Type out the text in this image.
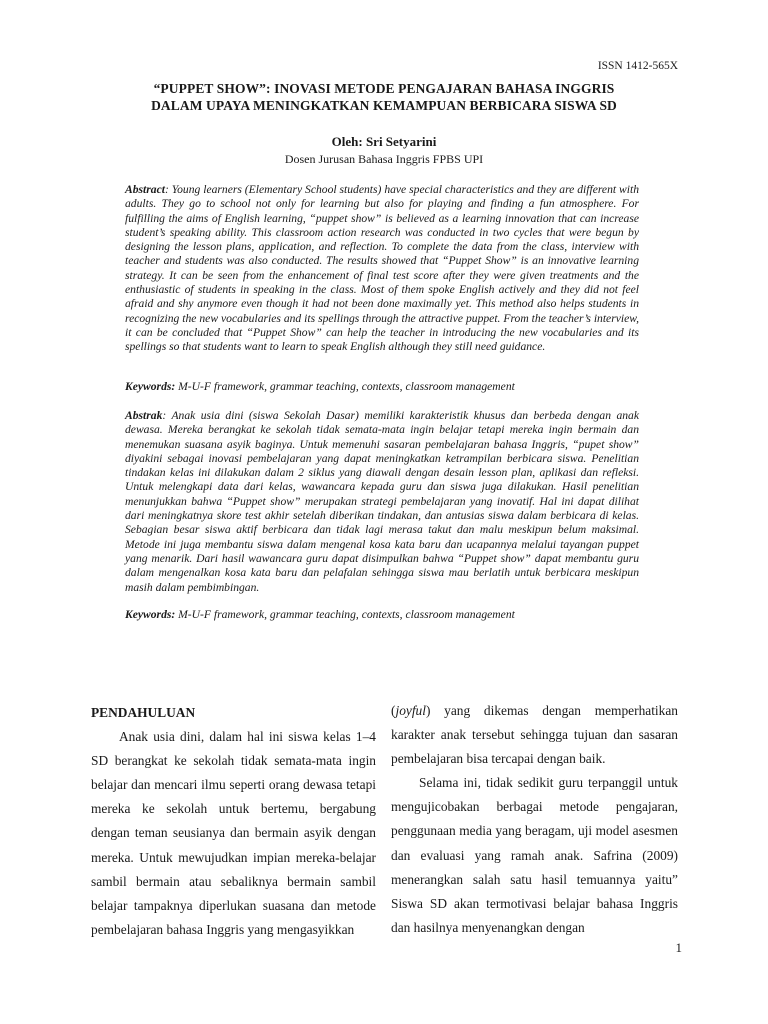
ISSN 1412-565X
“PUPPET SHOW”: INOVASI METODE PENGAJARAN BAHASA INGGRIS
DALAM UPAYA MENINGKATKAN KEMAMPUAN BERBICARA SISWA SD
Oleh: Sri Setyarini
Dosen Jurusan Bahasa Inggris FPBS UPI
Abstract: Young learners (Elementary School students) have special characteristics and they are different with adults. They go to school not only for learning but also for playing and finding a fun atmosphere. For fulfilling the aims of English learning, “puppet show” is believed as a learning innovation that can increase student’s speaking ability. This classroom action research was conducted in two cycles that were begun by designing the lesson plans, application, and reflection. To complete the data from the class, interview with teacher and students was also conducted. The results showed that “Puppet Show” is an innovative learning strategy. It can be seen from the enhancement of final test score after they were given treatments and the enthusiastic of students in speaking in the class. Most of them spoke English actively and they did not feel afraid and shy anymore even though it had not been done maximally yet. This method also helps students in recognizing the new vocabularies and its spellings through the attractive puppet. From the teacher’s interview, it can be concluded that “Puppet Show” can help the teacher in introducing the new vocabularies and its spellings so that students want to learn to speak English although they still need guidance.
Keywords: M-U-F framework, grammar teaching, contexts, classroom management
Abstrak: Anak usia dini (siswa Sekolah Dasar) memiliki karakteristik khusus dan berbeda dengan anak dewasa. Mereka berangkat ke sekolah tidak semata-mata ingin belajar tetapi mereka ingin bermain dan menemukan suasana asyik baginya. Untuk memenuhi sasaran pembelajaran bahasa Inggris, “pupet show” diyakini sebagai inovasi pembelajaran yang dapat meningkatkan ketrampilan berbicara siswa. Penelitian tindakan kelas ini dilakukan dalam 2 siklus yang diawali dengan desain lesson plan, aplikasi dan refleksi. Untuk melengkapi data dari kelas, wawancara kepada guru dan siswa juga dilakukan. Hasil penelitian menunjukkan bahwa “Puppet show” merupakan strategi pembelajaran yang inovatif. Hal ini dapat dilihat dari meningkatnya skore test akhir setelah diberikan tindakan, dan antusias siswa dalam berbicara di kelas. Sebagian besar siswa aktif berbicara dan tidak lagi merasa takut dan malu meskipun belum maksimal. Metode ini juga membantu siswa dalam mengenal kosa kata baru dan ucapannya melalui tayangan puppet yang menarik. Dari hasil wawancara guru dapat disimpulkan bahwa “Puppet show” dapat membantu guru dalam mengenalkan kosa kata baru dan pelafalan sehingga siswa mau berlatih untuk berbicara meskipun masih dalam pembimbingan.
Keywords: M-U-F framework, grammar teaching, contexts, classroom management
PENDAHULUAN

Anak usia dini, dalam hal ini siswa kelas 1–4 SD berangkat ke sekolah tidak semata-mata ingin belajar dan mencari ilmu seperti orang dewasa tetapi mereka ke sekolah untuk bertemu, bergabung dengan teman seusianya dan bermain asyik dengan mereka. Untuk mewujudkan impian mereka-belajar sambil bermain atau sebaliknya bermain sambil belajar tampaknya diperlukan suasana dan metode pembelajaran bahasa Inggris yang mengasyikkan

(joyful) yang dikemas dengan memperhatikan karakter anak tersebut sehingga tujuan dan sasaran pembelajaran bisa tercapai dengan baik.

Selama ini, tidak sedikit guru terpanggil untuk mengujicobakan berbagai metode pengajaran, penggunaan media yang beragam, uji model asesmen dan evaluasi yang ramah anak. Safrina (2009) menerangkan salah satu hasil temuannya yaitu” Siswa SD akan termotivasi belajar bahasa Inggris dan hasilnya menyenangkan dengan

1
